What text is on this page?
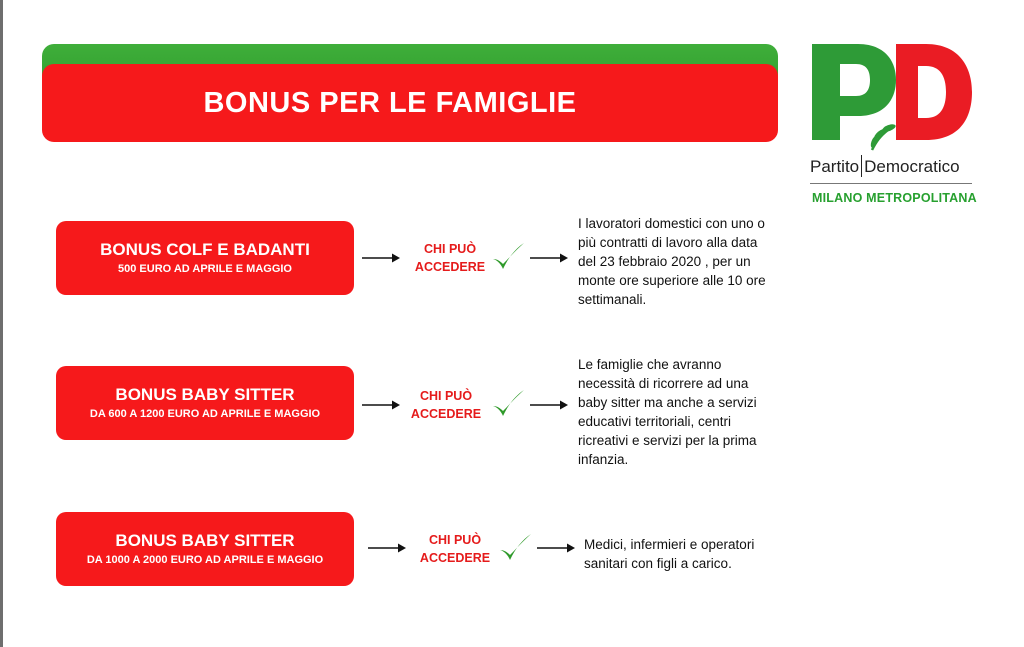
BONUS PER LE FAMIGLIE
Partito Democratico
MILANO METROPOLITANA
BONUS COLF E BADANTI
500 EURO AD APRILE E MAGGIO
CHI PUÒ
ACCEDERE
I lavoratori domestici con uno o
più contratti di lavoro alla data
del 23 febbraio 2020 , per un
monte ore superiore alle 10 ore
settimanali.
BONUS BABY SITTER
DA 600 A 1200 EURO AD APRILE E MAGGIO
CHI PUÒ
ACCEDERE
Le famiglie che avranno
necessità di ricorrere ad una
baby sitter ma anche a servizi
educativi territoriali, centri
ricreativi e servizi per la prima
infanzia.
BONUS BABY SITTER
DA 1000 A 2000 EURO AD APRILE E MAGGIO
CHI PUÒ
ACCEDERE
Medici, infermieri e operatori
sanitari con figli a carico.
